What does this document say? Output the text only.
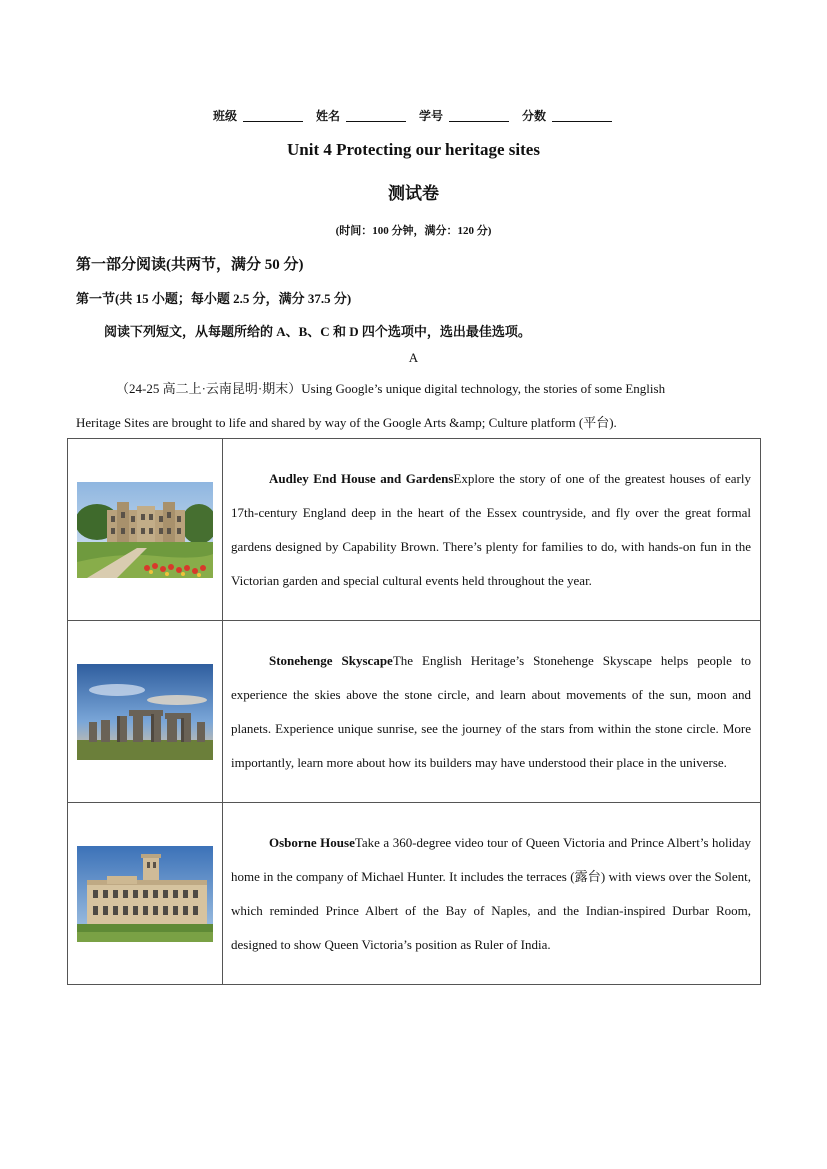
班级	姓名	学号	分数
Unit 4 Protecting our heritage sites
测试卷
(时间：100 分钟，满分：120 分)
第一部分阅读(共两节，满分 50 分)
第一节(共 15 小题；每小题 2.5 分，满分 37.5 分)
阅读下列短文，从每题所给的 A、B、C 和 D 四个选项中，选出最佳选项。
A
（24-25 高二上·云南昆明·期末）Using Google’s unique digital technology, the stories of some English
Heritage Sites are brought to life and shared by way of the Google Arts &amp; Culture platform (平台).
	Audley End House and GardensExplore the story of one of the greatest houses of early 17th-century England deep in the heart of the Essex countryside, and fly over the great formal gardens designed by Capability Brown. There’s plenty for families to do, with hands-on fun in the Victorian garden and special cultural events held throughout the year.

	Stonehenge SkyscapeThe English Heritage’s Stonehenge Skyscape helps people to experience the skies above the stone circle, and learn about movements of the sun, moon and planets. Experience unique sunrise, see the journey of the stars from within the stone circle. More importantly, learn more about how its builders may have understood their place in the universe.

	Osborne HouseTake a 360-degree video tour of Queen Victoria and Prince Albert’s holiday home in the company of Michael Hunter. It includes the terraces (露台) with views over the Solent, which reminded Prince Albert of the Bay of Naples, and the Indian-inspired Durbar Room, designed to show Queen Victoria’s position as Ruler of India.
